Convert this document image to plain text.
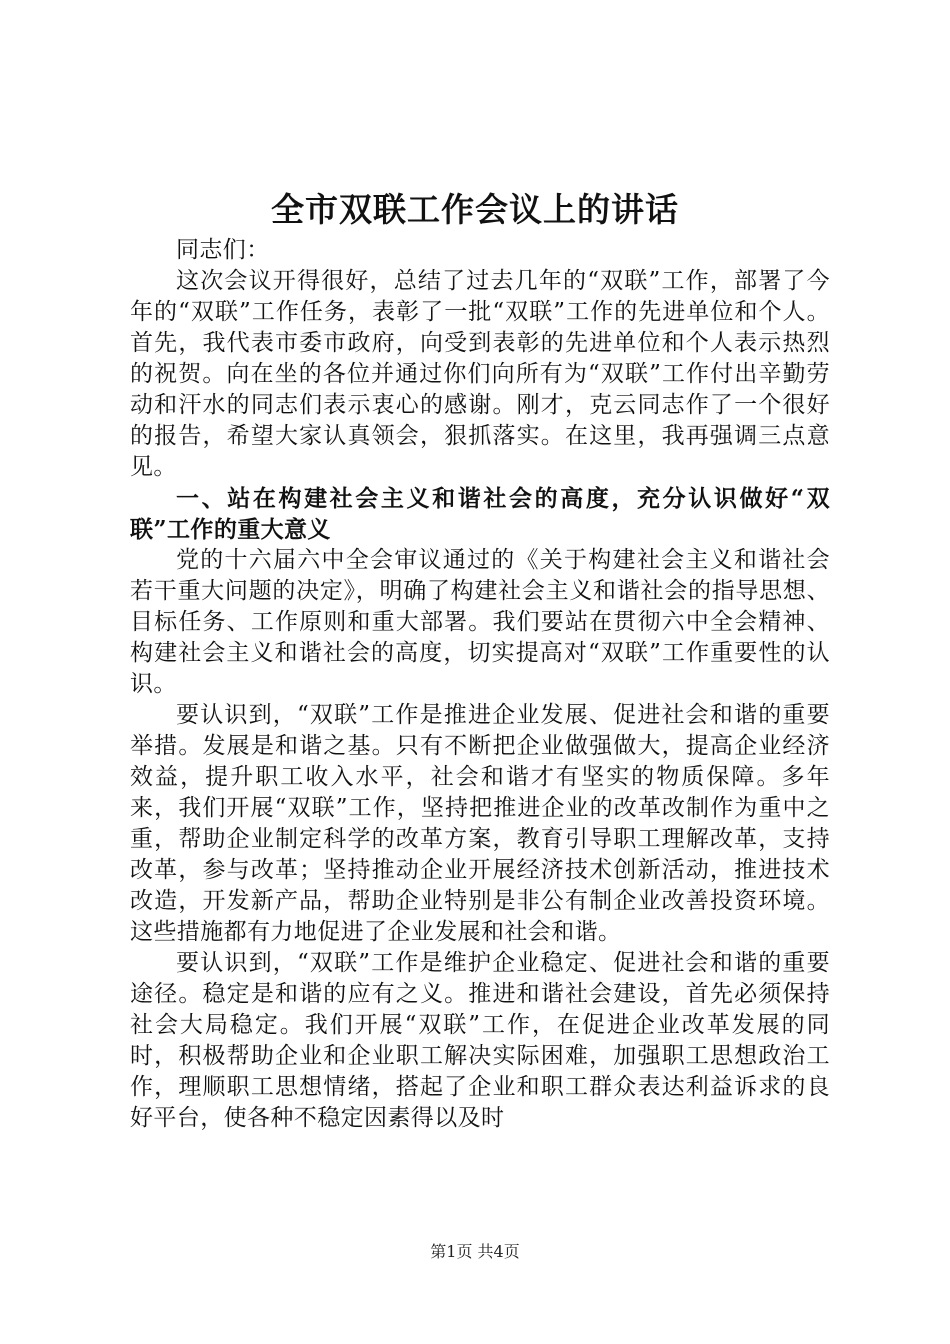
全市双联工作会议上的讲话

同志们：

这次会议开得很好，总结了过去几年的“双联”工作，部署了今年的“双联”工作任务，表彰了一批“双联”工作的先进单位和个人。首先，我代表市委市政府，向受到表彰的先进单位和个人表示热烈的祝贺。向在坐的各位并通过你们向所有为“双联”工作付出辛勤劳动和汗水的同志们表示衷心的感谢。刚才，克云同志作了一个很好的报告，希望大家认真领会，狠抓落实。在这里，我再强调三点意见。

一、站在构建社会主义和谐社会的高度，充分认识做好“双联”工作的重大意义

党的十六届六中全会审议通过的《关于构建社会主义和谐社会若干重大问题的决定》，明确了构建社会主义和谐社会的指导思想、目标任务、工作原则和重大部署。我们要站在贯彻六中全会精神、构建社会主义和谐社会的高度，切实提高对“双联”工作重要性的认识。

要认识到，“双联”工作是推进企业发展、促进社会和谐的重要举措。发展是和谐之基。只有不断把企业做强做大，提高企业经济效益，提升职工收入水平，社会和谐才有坚实的物质保障。多年来，我们开展“双联”工作，坚持把推进企业的改革改制作为重中之重，帮助企业制定科学的改革方案，教育引导职工理解改革，支持改革，参与改革；坚持推动企业开展经济技术创新活动，推进技术改造，开发新产品，帮助企业特别是非公有制企业改善投资环境。这些措施都有力地促进了企业发展和社会和谐。

要认识到，“双联”工作是维护企业稳定、促进社会和谐的重要途径。稳定是和谐的应有之义。推进和谐社会建设，首先必须保持社会大局稳定。我们开展“双联”工作，在促进企业改革发展的同时，积极帮助企业和企业职工解决实际困难，加强职工思想政治工作，理顺职工思想情绪，搭起了企业和职工群众表达利益诉求的良好平台，使各种不稳定因素得以及时

第1页 共4页
